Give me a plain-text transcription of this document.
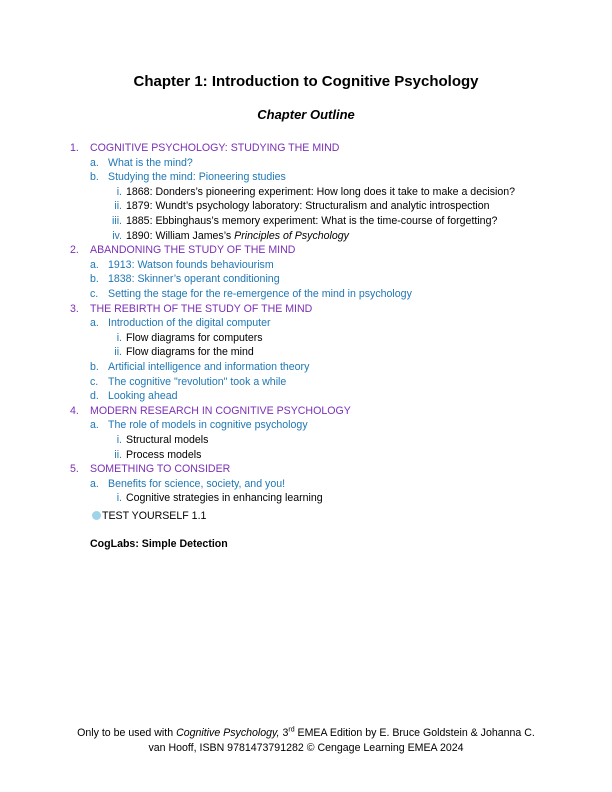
Chapter 1: Introduction to Cognitive Psychology
Chapter Outline
1. COGNITIVE PSYCHOLOGY: STUDYING THE MIND
a. What is the mind?
b. Studying the mind: Pioneering studies
i. 1868: Donders’s pioneering experiment: How long does it take to make a decision?
ii. 1879: Wundt’s psychology laboratory: Structuralism and analytic introspection
iii. 1885: Ebbinghaus’s memory experiment: What is the time-course of forgetting?
iv. 1890: William James’s Principles of Psychology
2. ABANDONING THE STUDY OF THE MIND
a. 1913: Watson founds behaviourism
b. 1838: Skinner’s operant conditioning
c. Setting the stage for the re-emergence of the mind in psychology
3. THE REBIRTH OF THE STUDY OF THE MIND
a. Introduction of the digital computer
i. Flow diagrams for computers
ii. Flow diagrams for the mind
b. Artificial intelligence and information theory
c. The cognitive "revolution" took a while
d. Looking ahead
4. MODERN RESEARCH IN COGNITIVE PSYCHOLOGY
a. The role of models in cognitive psychology
i. Structural models
ii. Process models
5. SOMETHING TO CONSIDER
a. Benefits for science, society, and you!
i. Cognitive strategies in enhancing learning
TEST YOURSELF 1.1
CogLabs: Simple Detection
Only to be used with Cognitive Psychology, 3rd EMEA Edition by E. Bruce Goldstein & Johanna C.
van Hooff, ISBN 9781473791282 © Cengage Learning EMEA 2024
